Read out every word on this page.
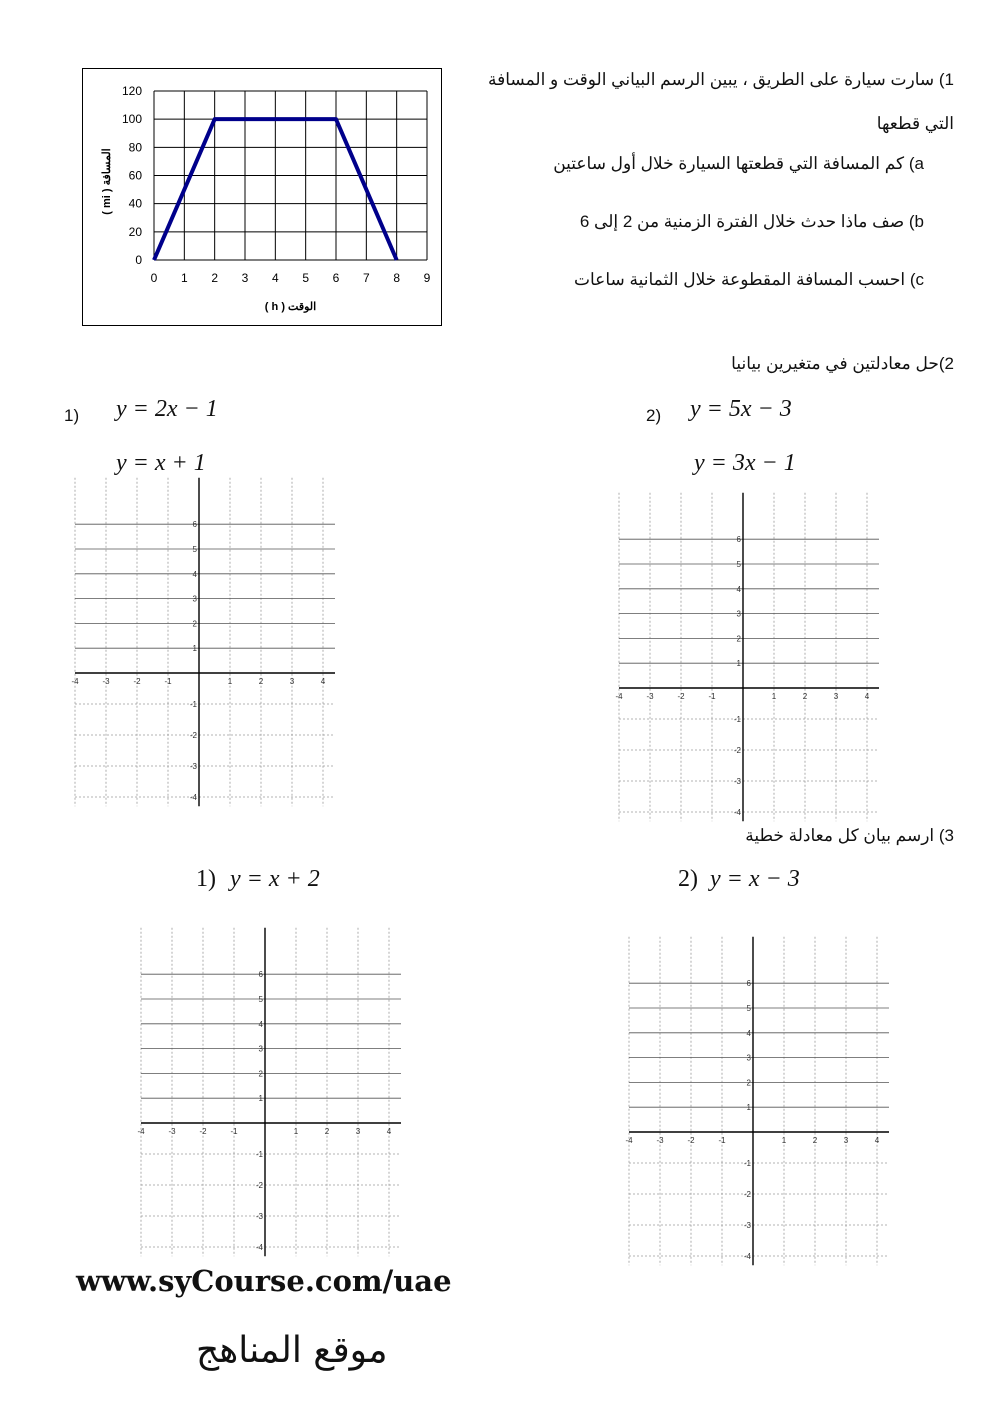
1) سارت سيارة على الطريق ، يبين الرسم البياني الوقت و المسافة
التي قطعها
a) كم المسافة التي قطعتها السيارة خلال أول ساعتين
b) صف ماذا حدث خلال الفترة الزمنية من 2 إلى 6
c) احسب المسافة المقطوعة خلال الثمانية ساعات
0
20
40
60
80
100
120
0 1 2 3 4 5 6 7 8 9
الوقت ( h )
المسافة ( mi )
2)حل معادلتين في متغيرين بيانيا
1) y = 2x − 1
y = x + 1
2) y = 5x − 3
y = 3x − 1
-4	-3	-2	-1	1	2	3	4
6
5
4
3
2
1
-1
-2
-3
-4
-4	-3	-2	-1	1	2	3	4
6
5
4
3
2
1
-1
-2
-3
-4
-4	-3	-2	-1	1	2	3	4
6
5
4
3
2
1
-1
-2
-3
-4
-4	-3	-2	-1	1	2	3	4
6
5
4
3
2
1
-1
-2
-3
-4
3) ارسم بيان كل معادلة خطية
1) y = x + 2	2) y = x − 3
www.syCourse.com/uae
موقع المناهج
